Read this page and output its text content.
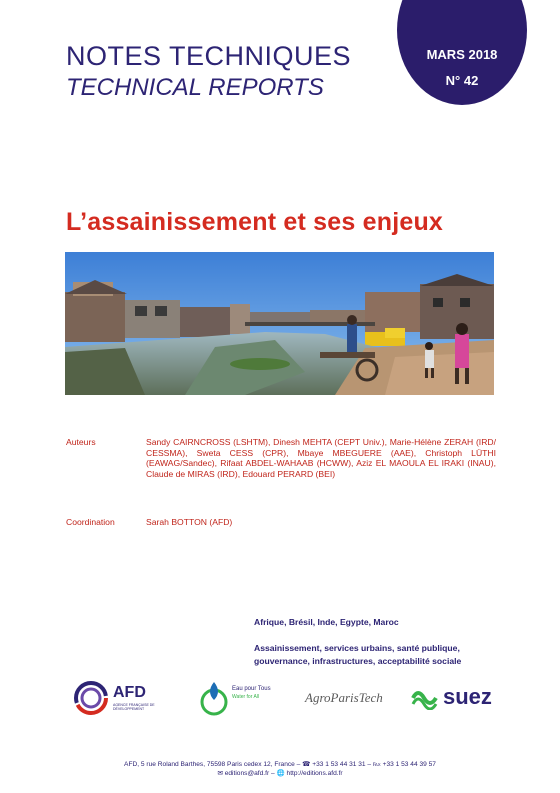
NOTES TECHNIQUES
TECHNICAL REPORTS
MARS 2018
N° 42
L’assainissement et ses enjeux
Auteurs	Sandy CAIRNCROSS (LSHTM), Dinesh MEHTA (CEPT Univ.), Marie-Hélène ZERAH (IRD/ CESSMA), Sweta CESS (CPR), Mbaye MBEGUERE (AAE), Christoph LÜTHI (EAWAG/Sandec), Rifaat ABDEL-WAHAAB (HCWW), Aziz EL MAOULA EL IRAKI (INAU), Claude de MIRAS (IRD), Edouard PERARD (BEI)
Coordination	Sarah BOTTON (AFD)
Afrique, Brésil, Inde, Egypte, Maroc
Assainissement, services urbains, santé publique, gouvernance, infrastructures, acceptabilité sociale
AFD
AGENCE FRANÇAISE DE DÉVELOPPEMENT
Eau pour Tous
Water for All	AgroParisTech	suez
AFD, 5 rue Roland Barthes, 75598 Paris cedex 12, France – ☎ +33 1 53 44 31 31 – ℻ +33 1 53 44 39 57
✉ editions@afd.fr – 🌐 http://editions.afd.fr
